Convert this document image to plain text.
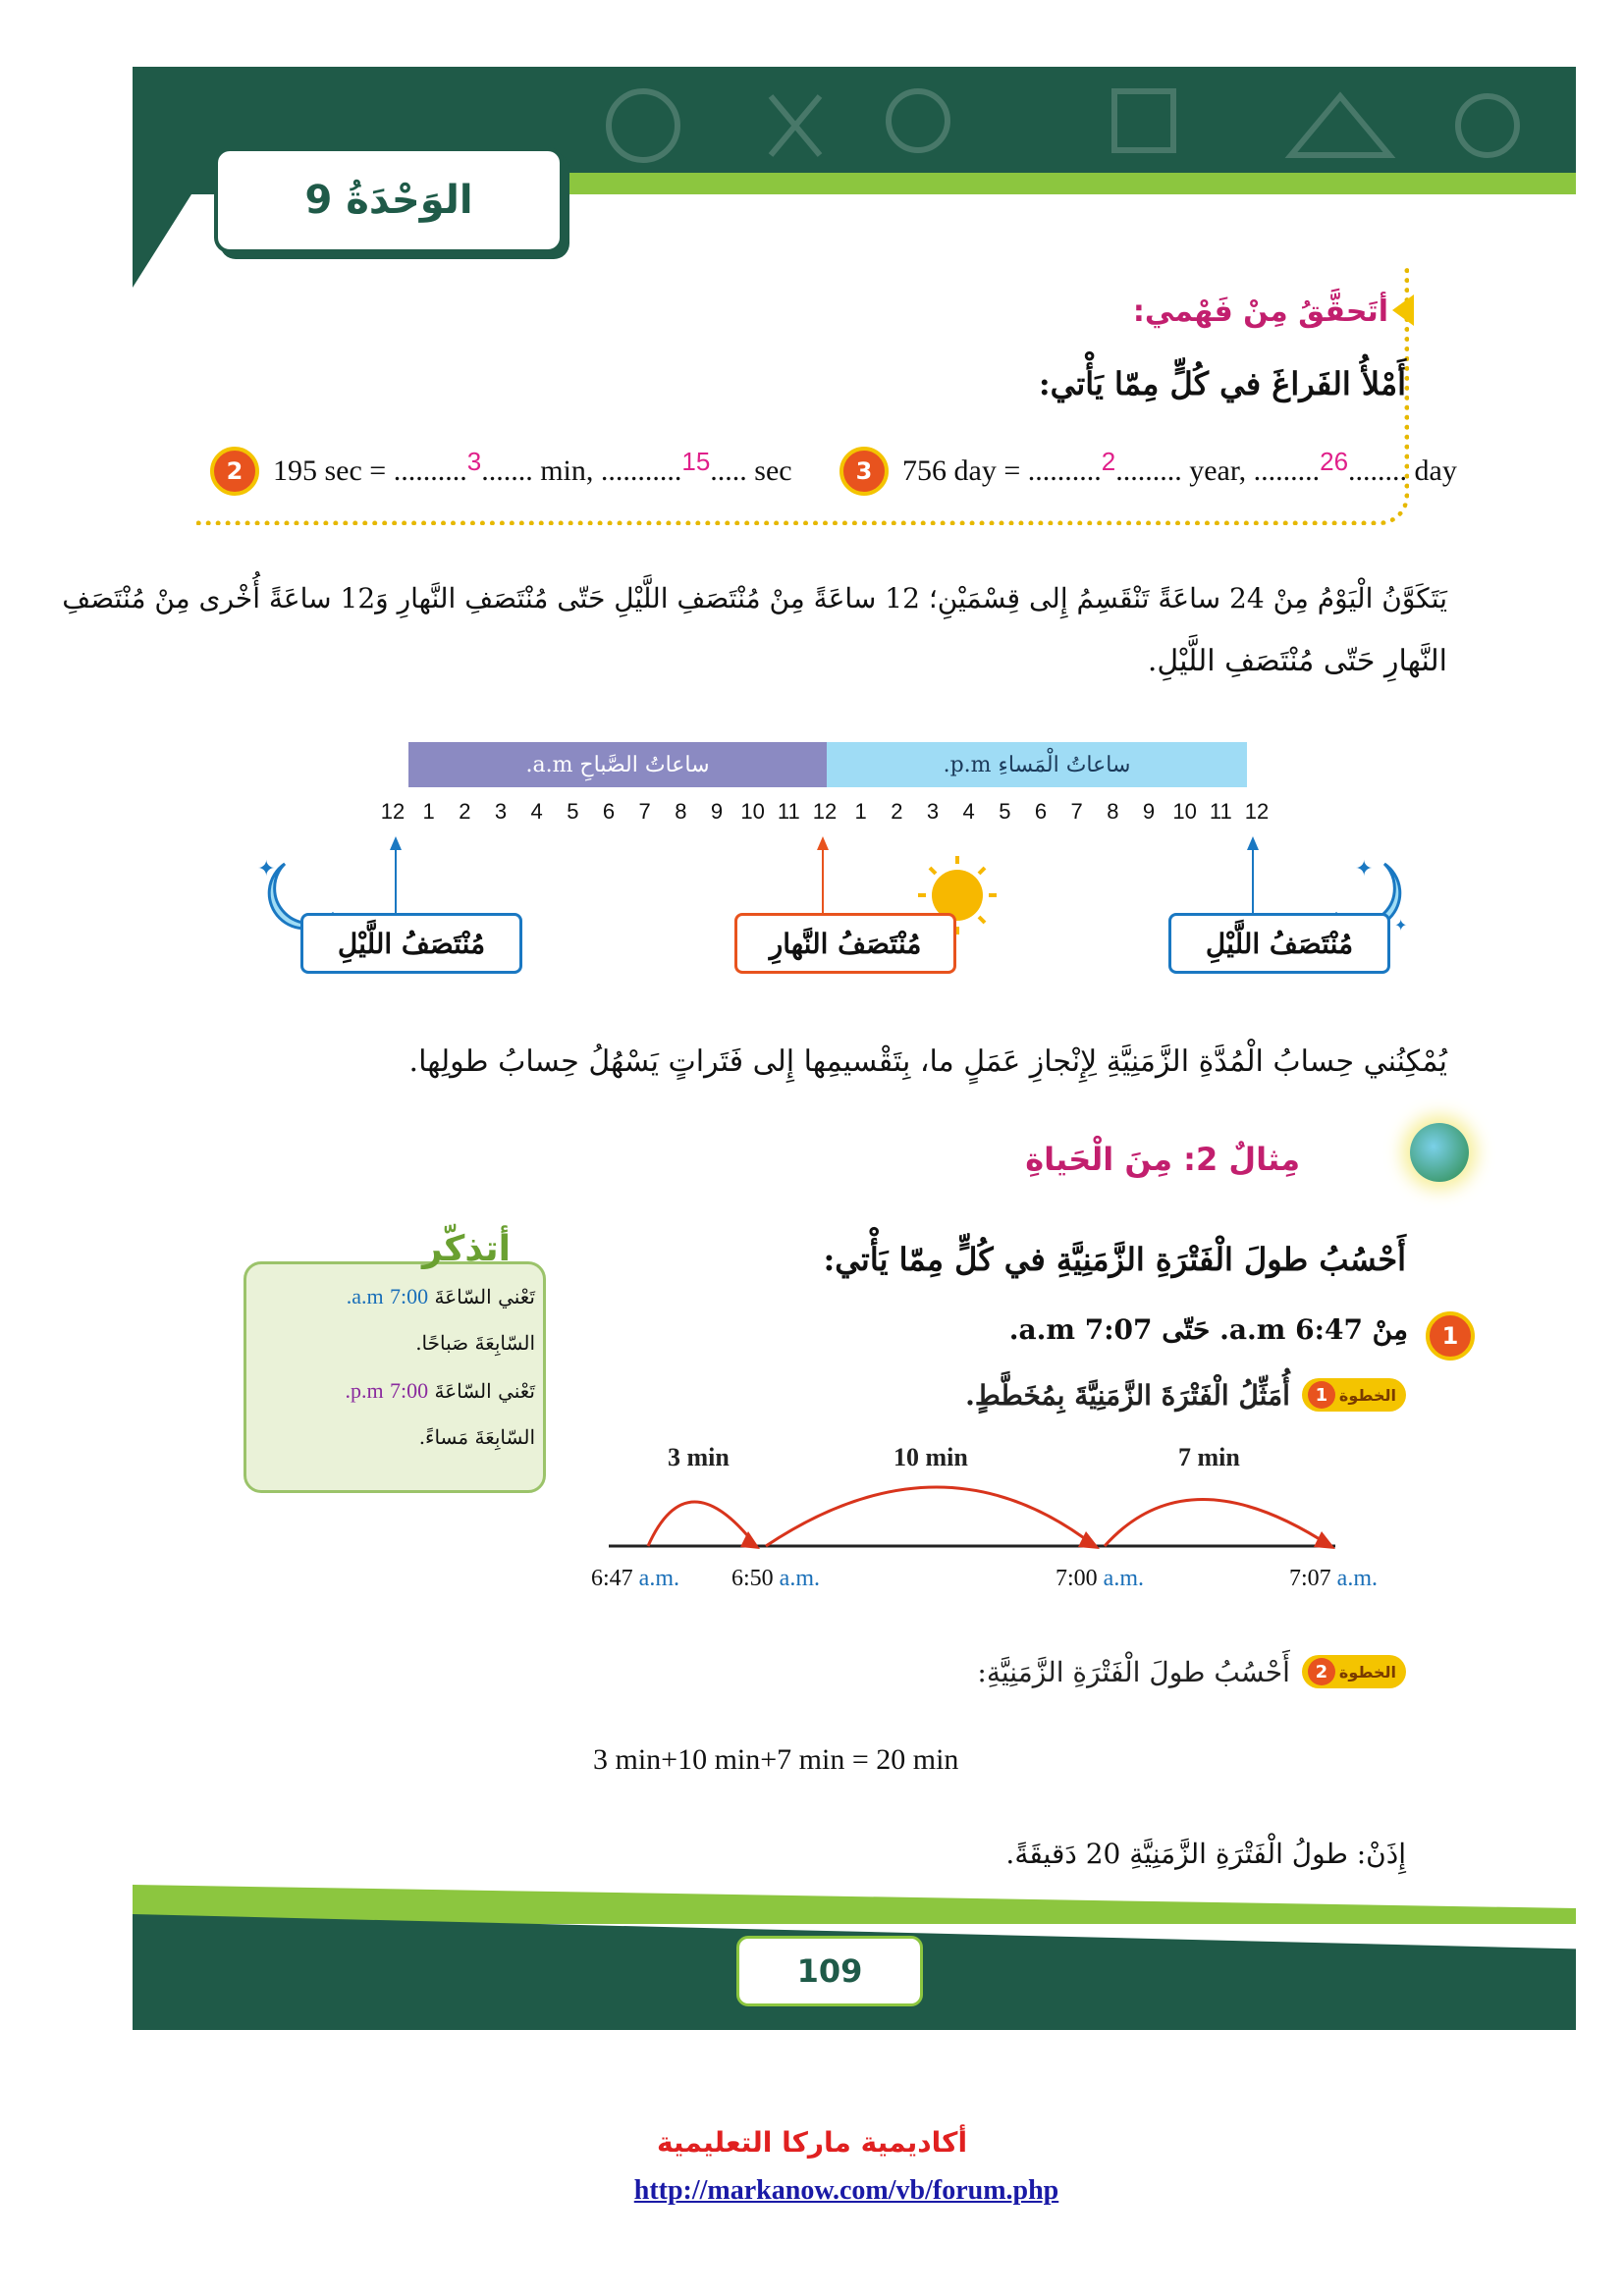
الوَحْدَةُ 9
أتَحقَّقُ مِنْ فَهْمي:
أَمْلأُ الفَراغَ في كُلٍّ مِمّا يَأْتي:
2	195 sec = ..........3....... min, ...........15..... sec	3	756 day = ..........2......... year, .........26........ day
يَتَكَوَّنُ الْيَوْمُ مِنْ 24 ساعَةً تَنْقَسِمُ إِلى قِسْمَيْنِ؛ 12 ساعَةً مِنْ مُنْتَصَفِ اللَّيْلِ حَتّى مُنْتَصَفِ النَّهارِ وَ12 ساعَةً أُخْرى مِنْ مُنْتَصَفِ
النَّهارِ حَتّى مُنْتَصَفِ اللَّيْلِ.
ساعاتُ الصَّباحِ a.m.	ساعاتُ الْمَساءِ p.m.
12 1	2	3	4	5	6	7	8	9 10 11 12 1	2	3	4	5	6	7	8	9 10 11 12
✦	✦
✦
مُنْتَصَفُ اللَّيْلِ	مُنْتَصَفُ النَّهارِ	مُنْتَصَفُ اللَّيْلِ
يُمْكِنُني حِسابُ الْمُدَّةِ الزَّمَنِيَّةِ لِإِنْجازِ عَمَلٍ ما، بِتَقْسيمِها إِلى فَتَراتٍ يَسْهُلُ حِسابُ طولِها.
مِثالٌ 2: مِنَ الْحَياةِ
أَحْسُبُ طولَ الْفَتْرَةِ الزَّمَنِيَّةِ في كُلٍّ مِمّا يَأْتي:
تَعْني السّاعَةَ 7:00 a.m.
السّابِعَةَ صَباحًا.
تَعْني السّاعَةَ 7:00 p.m.
السّابِعَةَ مَساءً.
أتذكّر
1
مِنْ 6:47 a.m. حَتّى 7:07 a.m.
الخطوة
1
أُمَثِّلُ الْفَتْرَةَ الزَّمَنِيَّةَ بِمُخَطَّطٍ.
3 min	10 min	7 min
6:47 a.m. 6:50 a.m.	7:00 a.m.	7:07 a.m.
الخطوة
2
أَحْسُبُ طولَ الْفَتْرَةِ الزَّمَنِيَّةِ:
3 min+10 min+7 min = 20 min
إِذَنْ: طولُ الْفَتْرَةِ الزَّمَنِيَّةِ 20 دَقيقَةً.
109
أكاديمية ماركا التعليمية
http://markanow.com/vb/forum.php
